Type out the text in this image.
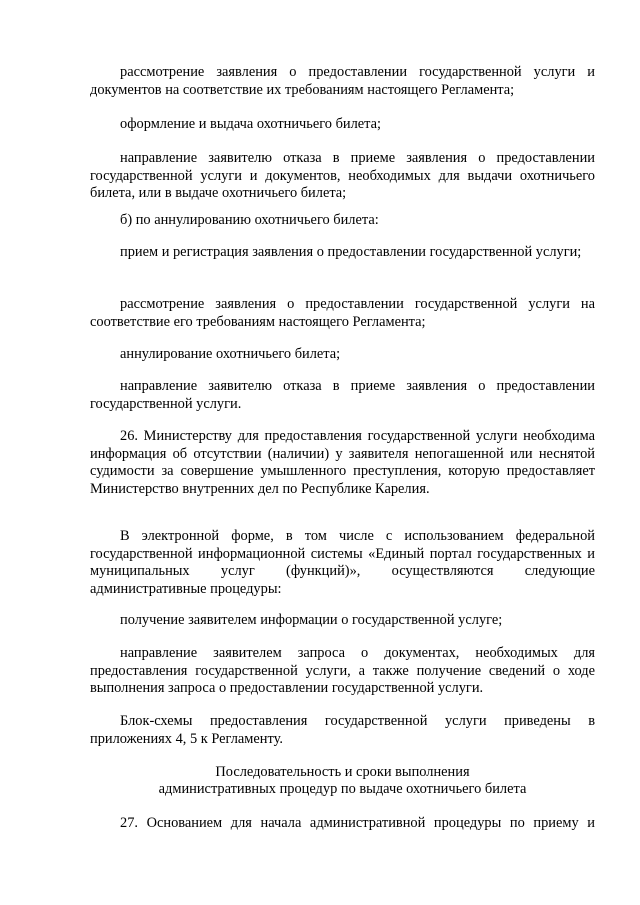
рассмотрение заявления о предоставлении государственной услуги и документов на соответствие их требованиям настоящего Регламента;

оформление и выдача охотничьего билета;

направление заявителю отказа в приеме заявления о предоставлении государственной услуги и документов, необходимых для выдачи охотничьего билета, или в выдаче охотничьего билета;

б) по аннулированию охотничьего билета:

прием и регистрация заявления о предоставлении государственной услуги;

рассмотрение заявления о предоставлении государственной услуги на соответствие его требованиям настоящего Регламента;

аннулирование охотничьего билета;

направление заявителю отказа в приеме заявления о предоставлении государственной услуги.

26. Министерству для предоставления государственной услуги необходима информация об отсутствии (наличии) у заявителя непогашенной или неснятой судимости за совершение умышленного преступления, которую предоставляет Министерство внутренних дел по Республике Карелия.

В электронной форме, в том числе с использованием федеральной государственной информационной системы «Единый портал государственных и муниципальных услуг (функций)», осуществляются следующие административные процедуры:

получение заявителем информации о государственной услуге;

направление заявителем запроса о документах, необходимых для предоставления государственной услуги, а также получение сведений о ходе выполнения запроса о предоставлении государственной услуги.

Блок-схемы предоставления государственной услуги приведены в приложениях 4, 5 к Регламенту.

Последовательность и сроки выполнения

административных процедур по выдаче охотничьего билета

27. Основанием для начала административной процедуры по приему и
